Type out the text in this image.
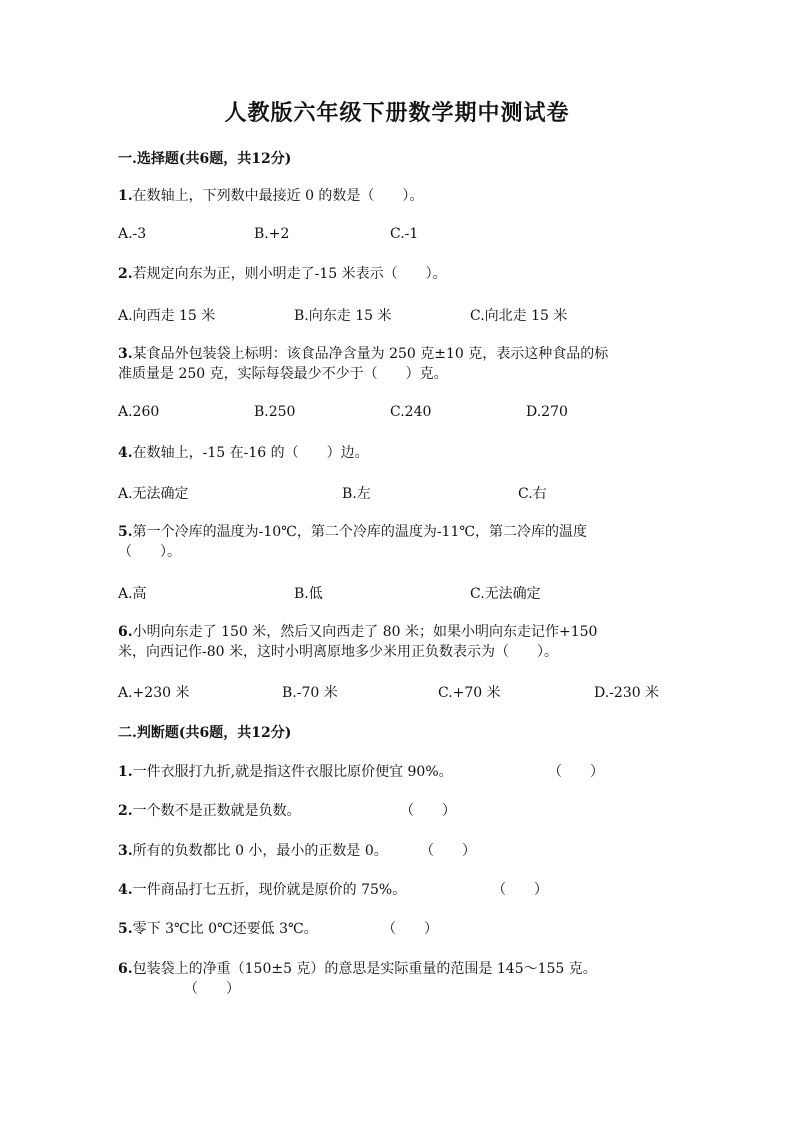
人教版六年级下册数学期中测试卷
一.选择题(共6题，共12分)
1.在数轴上，下列数中最接近 0 的数是（　　）。
A.-3	B.+2	C.-1
2.若规定向东为正，则小明走了-15 米表示（　　）。
A.向西走 15 米	B.向东走 15 米	C.向北走 15 米
3.某食品外包装袋上标明：该食品净含量为 250 克±10 克，表示这种食品的标
准质量是 250 克，实际每袋最少不少于（　　）克。
A.260	B.250	C.240	D.270
4.在数轴上，-15 在-16 的（　　）边。
A.无法确定	B.左	C.右
5.第一个冷库的温度为-10℃，第二个冷库的温度为-11℃，第二冷库的温度
（　　）。
A.高	B.低	C.无法确定
6.小明向东走了 150 米，然后又向西走了 80 米；如果小明向东走记作+150
米，向西记作-80 米，这时小明离原地多少米用正负数表示为（　　）。
A.+230 米	B.-70 米	C.+70 米	D.-230 米
二.判断题(共6题，共12分)
1.一件衣服打九折,就是指这件衣服比原价便宜 90%。	（　　）
2.一个数不是正数就是负数。	（　　）
3.所有的负数都比 0 小，最小的正数是 0。 （　　）
4.一件商品打七五折，现价就是原价的 75%。	（　　）
5.零下 3℃比 0℃还要低 3℃。	（　　）
6.包装袋上的净重（150±5 克）的意思是实际重量的范围是 145～155 克。
（　　）
